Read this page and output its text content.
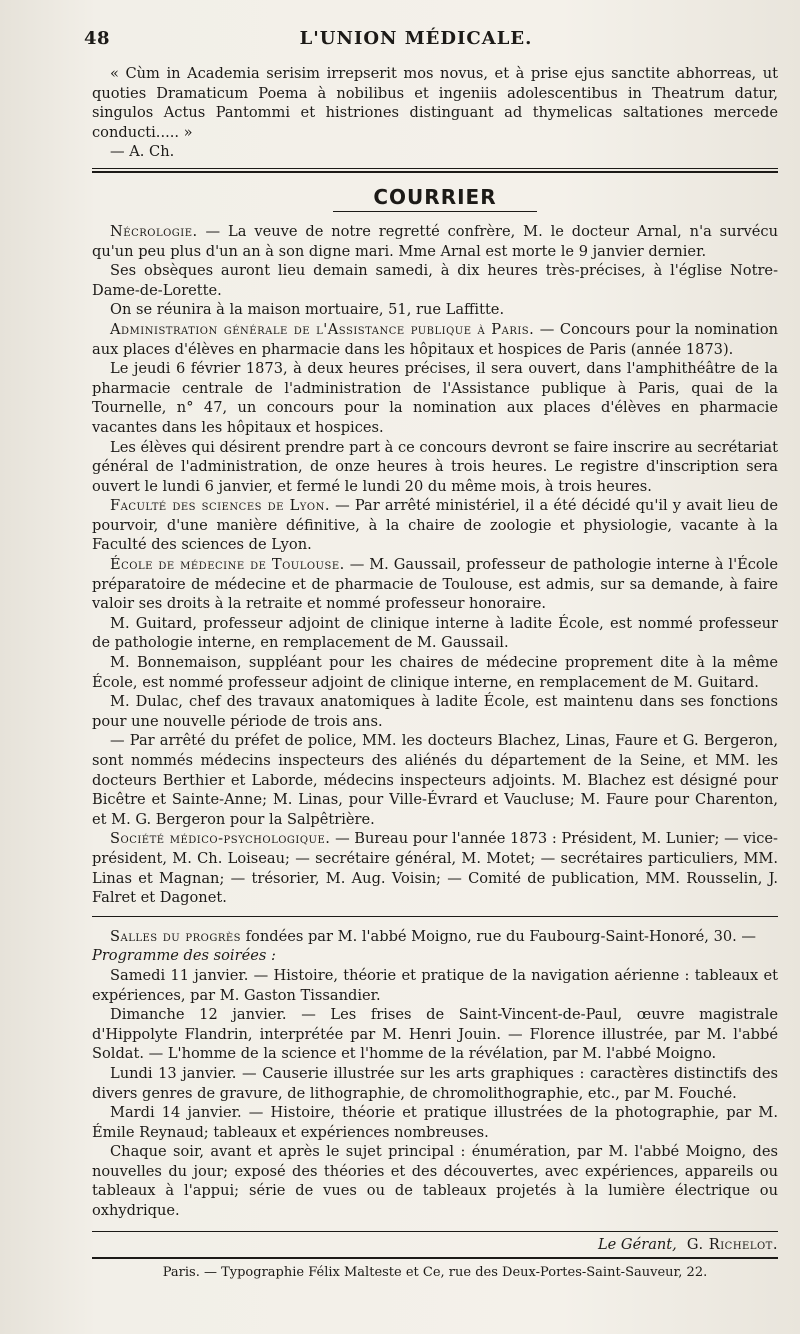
48	L'UNION MÉDICALE.

« Cùm in Academia serisim irrepserit mos novus, et à prise ejus sanctite abhorreas, ut quoties Dramaticum Poema à nobilibus et ingeniis adolescentibus in Theatrum datur, singulos Actus Pantommi et histriones distinguant ad thymelicas saltationes mercede conducti..... »

— A. Ch.

COURRIER

Nécrologie. — La veuve de notre regretté confrère, M. le docteur Arnal, n'a survécu qu'un peu plus d'un an à son digne mari. Mme Arnal est morte le 9 janvier dernier.

Ses obsèques auront lieu demain samedi, à dix heures très-précises, à l'église Notre-Dame-de-Lorette.

On se réunira à la maison mortuaire, 51, rue Laffitte.

Administration générale de l'Assistance publique à Paris. — Concours pour la nomination aux places d'élèves en pharmacie dans les hôpitaux et hospices de Paris (année 1873).

Le jeudi 6 février 1873, à deux heures précises, il sera ouvert, dans l'amphithéâtre de la pharmacie centrale de l'administration de l'Assistance publique à Paris, quai de la Tournelle, n° 47, un concours pour la nomination aux places d'élèves en pharmacie vacantes dans les hôpitaux et hospices.

Les élèves qui désirent prendre part à ce concours devront se faire inscrire au secrétariat général de l'administration, de onze heures à trois heures. Le registre d'inscription sera ouvert le lundi 6 janvier, et fermé le lundi 20 du même mois, à trois heures.

Faculté des sciences de Lyon. — Par arrêté ministériel, il a été décidé qu'il y avait lieu de pourvoir, d'une manière définitive, à la chaire de zoologie et physiologie, vacante à la Faculté des sciences de Lyon.

École de médecine de Toulouse. — M. Gaussail, professeur de pathologie interne à l'École préparatoire de médecine et de pharmacie de Toulouse, est admis, sur sa demande, à faire valoir ses droits à la retraite et nommé professeur honoraire.

M. Guitard, professeur adjoint de clinique interne à ladite École, est nommé professeur de pathologie interne, en remplacement de M. Gaussail.

M. Bonnemaison, suppléant pour les chaires de médecine proprement dite à la même École, est nommé professeur adjoint de clinique interne, en remplacement de M. Guitard.

M. Dulac, chef des travaux anatomiques à ladite École, est maintenu dans ses fonctions pour une nouvelle période de trois ans.

— Par arrêté du préfet de police, MM. les docteurs Blachez, Linas, Faure et G. Bergeron, sont nommés médecins inspecteurs des aliénés du département de la Seine, et MM. les docteurs Berthier et Laborde, médecins inspecteurs adjoints. M. Blachez est désigné pour Bicêtre et Sainte-Anne; M. Linas, pour Ville-Évrard et Vaucluse; M. Faure pour Charenton, et M. G. Bergeron pour la Salpêtrière.

Société médico-psychologique. — Bureau pour l'année 1873 : Président, M. Lunier; — vice-président, M. Ch. Loiseau; — secrétaire général, M. Motet; — secrétaires particuliers, MM. Linas et Magnan; — trésorier, M. Aug. Voisin; — Comité de publication, MM. Rousselin, J. Falret et Dagonet.

Salles du progrès fondées par M. l'abbé Moigno, rue du Faubourg-Saint-Honoré, 30. —

Programme des soirées :

Samedi 11 janvier. — Histoire, théorie et pratique de la navigation aérienne : tableaux et expériences, par M. Gaston Tissandier.

Dimanche 12 janvier. — Les frises de Saint-Vincent-de-Paul, œuvre magistrale d'Hippolyte Flandrin, interprétée par M. Henri Jouin. — Florence illustrée, par M. l'abbé Soldat. — L'homme de la science et l'homme de la révélation, par M. l'abbé Moigno.

Lundi 13 janvier. — Causerie illustrée sur les arts graphiques : caractères distinctifs des divers genres de gravure, de lithographie, de chromolithographie, etc., par M. Fouché.

Mardi 14 janvier. — Histoire, théorie et pratique illustrées de la photographie, par M. Émile Reynaud; tableaux et expériences nombreuses.

Chaque soir, avant et après le sujet principal : énumération, par M. l'abbé Moigno, des nouvelles du jour; exposé des théories et des découvertes, avec expériences, appareils ou tableaux à l'appui; série de vues ou de tableaux projetés à la lumière électrique ou oxhydrique.

Le Gérant, G. Richelot.
Paris. — Typographie Félix Malteste et Ce, rue des Deux-Portes-Saint-Sauveur, 22.
